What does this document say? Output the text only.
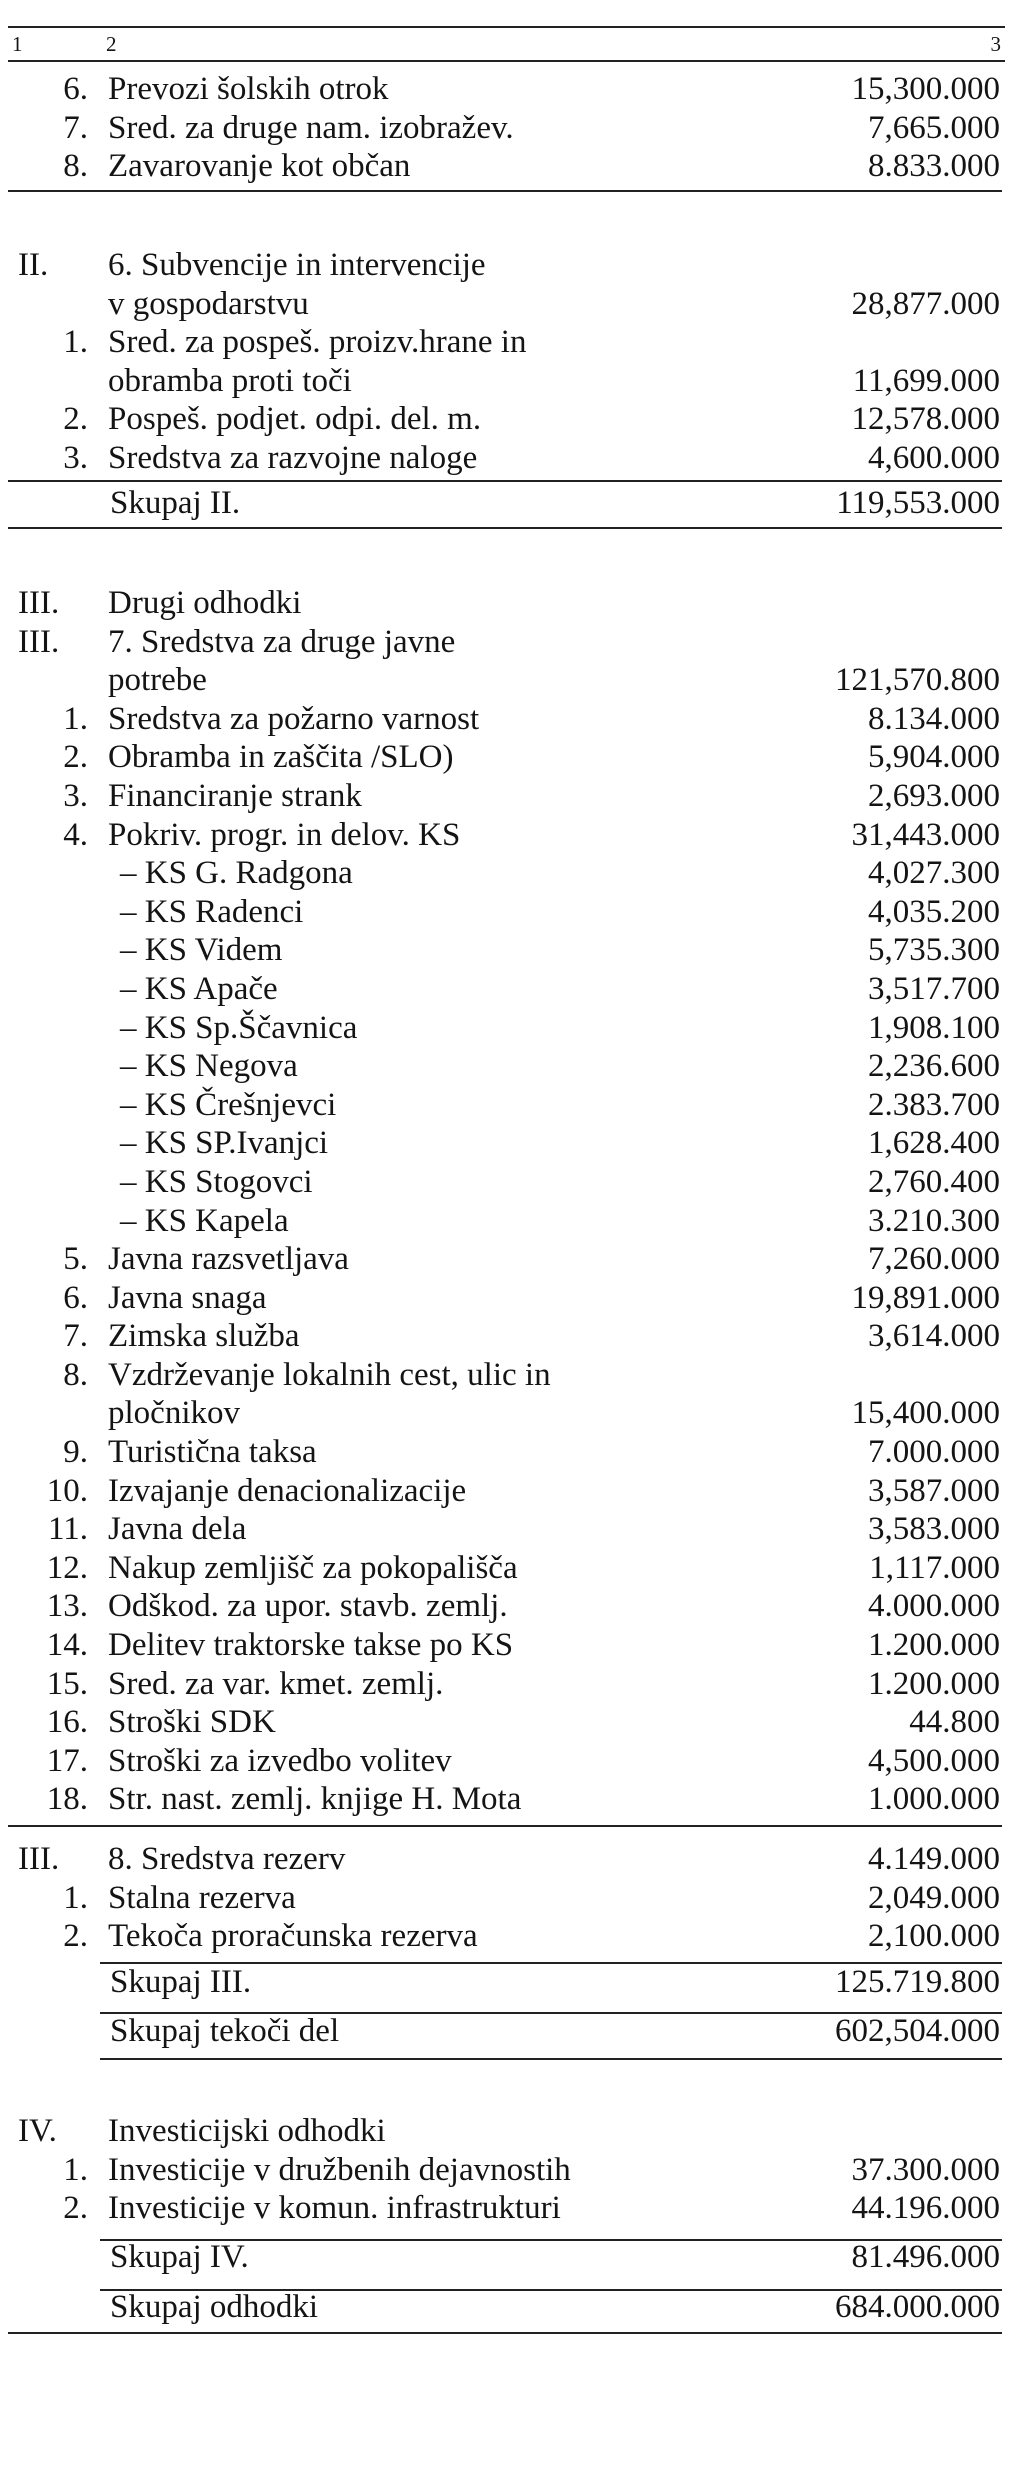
1	2	3
6. Prevozi šolskih otrok	15,300.000
7. Sred. za druge nam. izobražev.	7,665.000
8. Zavarovanje kot občan	8.833.000
II. 6. Subvencije in intervencije
v gospodarstvu	28,877.000
1. Sred. za pospeš. proizv.hrane in
obramba proti toči	11,699.000
2. Pospeš. podjet. odpi. del. m.	12,578.000
3. Sredstva za razvojne naloge	4,600.000
Skupaj II.	119,553.000
III. Drugi odhodki
III. 7. Sredstva za druge javne
potrebe	121,570.800
1. Sredstva za požarno varnost	8.134.000
2. Obramba in zaščita /SLO)	5,904.000
3. Financiranje strank	2,693.000
4. Pokriv. progr. in delov. KS	31,443.000
– KS G. Radgona	4,027.300
– KS Radenci	4,035.200
– KS Videm	5,735.300
– KS Apače	3,517.700
– KS Sp.Ščavnica	1,908.100
– KS Negova	2,236.600
– KS Črešnjevci	2.383.700
– KS SP.Ivanjci	1,628.400
– KS Stogovci	2,760.400
– KS Kapela	3.210.300
5. Javna razsvetljava	7,260.000
6. Javna snaga	19,891.000
7. Zimska služba	3,614.000
8. Vzdrževanje lokalnih cest, ulic in
pločnikov	15,400.000
9. Turistična taksa	7.000.000
10. Izvajanje denacionalizacije	3,587.000
11. Javna dela	3,583.000
12. Nakup zemljišč za pokopališča	1,117.000
13. Odškod. za upor. stavb. zemlj.	4.000.000
14. Delitev traktorske takse po KS	1.200.000
15. Sred. za var. kmet. zemlj.	1.200.000
16. Stroški SDK	44.800
17. Stroški za izvedbo volitev	4,500.000
18. Str. nast. zemlj. knjige H. Mota	1.000.000
III. 8. Sredstva rezerv	4.149.000
1. Stalna rezerva	2,049.000
2. Tekoča proračunska rezerva	2,100.000
Skupaj III.	125.719.800
Skupaj tekoči del	602,504.000
IV. Investicijski odhodki
1. Investicije v družbenih dejavnostih	37.300.000
2. Investicije v komun. infrastrukturi	44.196.000
Skupaj IV.	81.496.000
Skupaj odhodki	684.000.000
